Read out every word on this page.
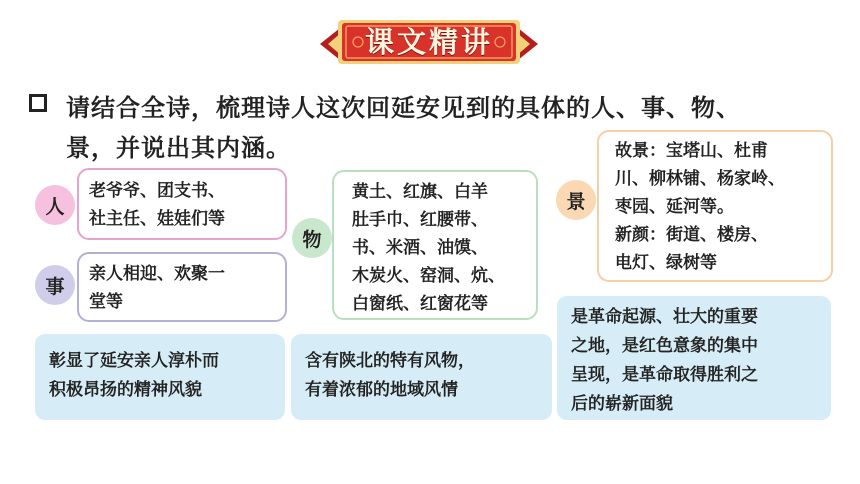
课文精讲
请结合全诗，梳理诗人这次回延安见到的具体的人、事、物、
景，并说出其内涵。
人
老爷爷、团支书、
社主任、娃娃们等
事
亲人相迎、欢聚一
堂等
物
黄土、红旗、白羊
肚手巾、红腰带、
书、米酒、油馍、
木炭火、窑洞、炕、
白窗纸、红窗花等
景
故景：宝塔山、杜甫
川、柳林铺、杨家岭、
枣园、延河等。
新颜：街道、楼房、
电灯、绿树等
彰显了延安亲人淳朴而
积极昂扬的精神风貌
含有陕北的特有风物，
有着浓郁的地域风情
是革命起源、壮大的重要
之地，是红色意象的集中
呈现，是革命取得胜利之
后的崭新面貌
